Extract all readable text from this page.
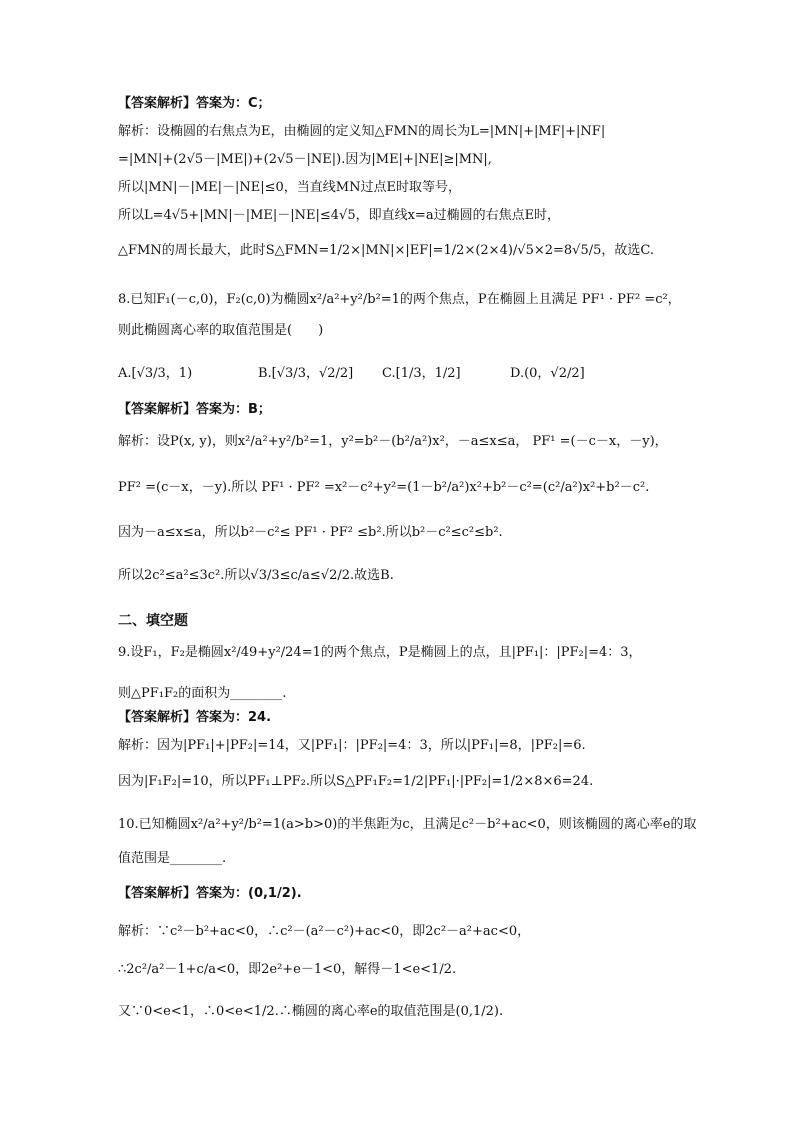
【答案解析】答案为：C；
解析：设椭圆的右焦点为E，由椭圆的定义知△FMN的周长为L=|MN|+|MF|+|NF|
=|MN|+(2√5－|ME|)+(2√5－|NE|).因为|ME|+|NE|≥|MN|,
所以|MN|－|ME|－|NE|≤0，当直线MN过点E时取等号，
所以L=4√5+|MN|－|ME|－|NE|≤4√5，即直线x=a过椭圆的右焦点E时，
△FMN的周长最大，此时S△FMN=1/2×|MN|×|EF|=1/2×(2×4)/√5×2=8√5/5，故选C.
8.已知F₁(－c,0)，F₂(c,0)为椭圆x²/a²+y²/b²=1的两个焦点，P在椭圆上且满足 PF¹ · PF² =c²，
则此椭圆离心率的取值范围是(　　)
【答案解析】答案为：B；
解析：设P(x, y)，则x²/a²+y²/b²=1，y²=b²－(b²/a²)x²，－a≤x≤a， PF¹ =(－c－x，－y)，
PF² =(c－x，－y).所以 PF¹ · PF² =x²－c²+y²=(1－b²/a²)x²+b²－c²=(c²/a²)x²+b²－c².
因为－a≤x≤a，所以b²－c²≤ PF¹ · PF² ≤b².所以b²－c²≤c²≤b².
所以2c²≤a²≤3c².所以√3/3≤c/a≤√2/2.故选B.
二、填空题
9.设F₁，F₂是椭圆x²/49+y²/24=1的两个焦点，P是椭圆上的点，且|PF₁|：|PF₂|=4：3，
则△PF₁F₂的面积为________.
【答案解析】答案为：24.
解析：因为|PF₁|+|PF₂|=14，又|PF₁|：|PF₂|=4：3，所以|PF₁|=8，|PF₂|=6.
因为|F₁F₂|=10，所以PF₁⊥PF₂.所以S△PF₁F₂=1/2|PF₁|·|PF₂|=1/2×8×6=24.
10.已知椭圆x²/a²+y²/b²=1(a>b>0)的半焦距为c，且满足c²－b²+ac<0，则该椭圆的离心率e的取
值范围是________.
【答案解析】答案为：(0,1/2).
解析：∵c²－b²+ac<0，∴c²－(a²－c²)+ac<0，即2c²－a²+ac<0，
∴2c²/a²－1+c/a<0，即2e²+e－1<0，解得－1<e<1/2.
又∵0<e<1，∴0<e<1/2.∴椭圆的离心率e的取值范围是(0,1/2).
A.[√3/3，1)	B.[√3/3，√2/2] C.[1/3，1/2]	D.(0，√2/2]
